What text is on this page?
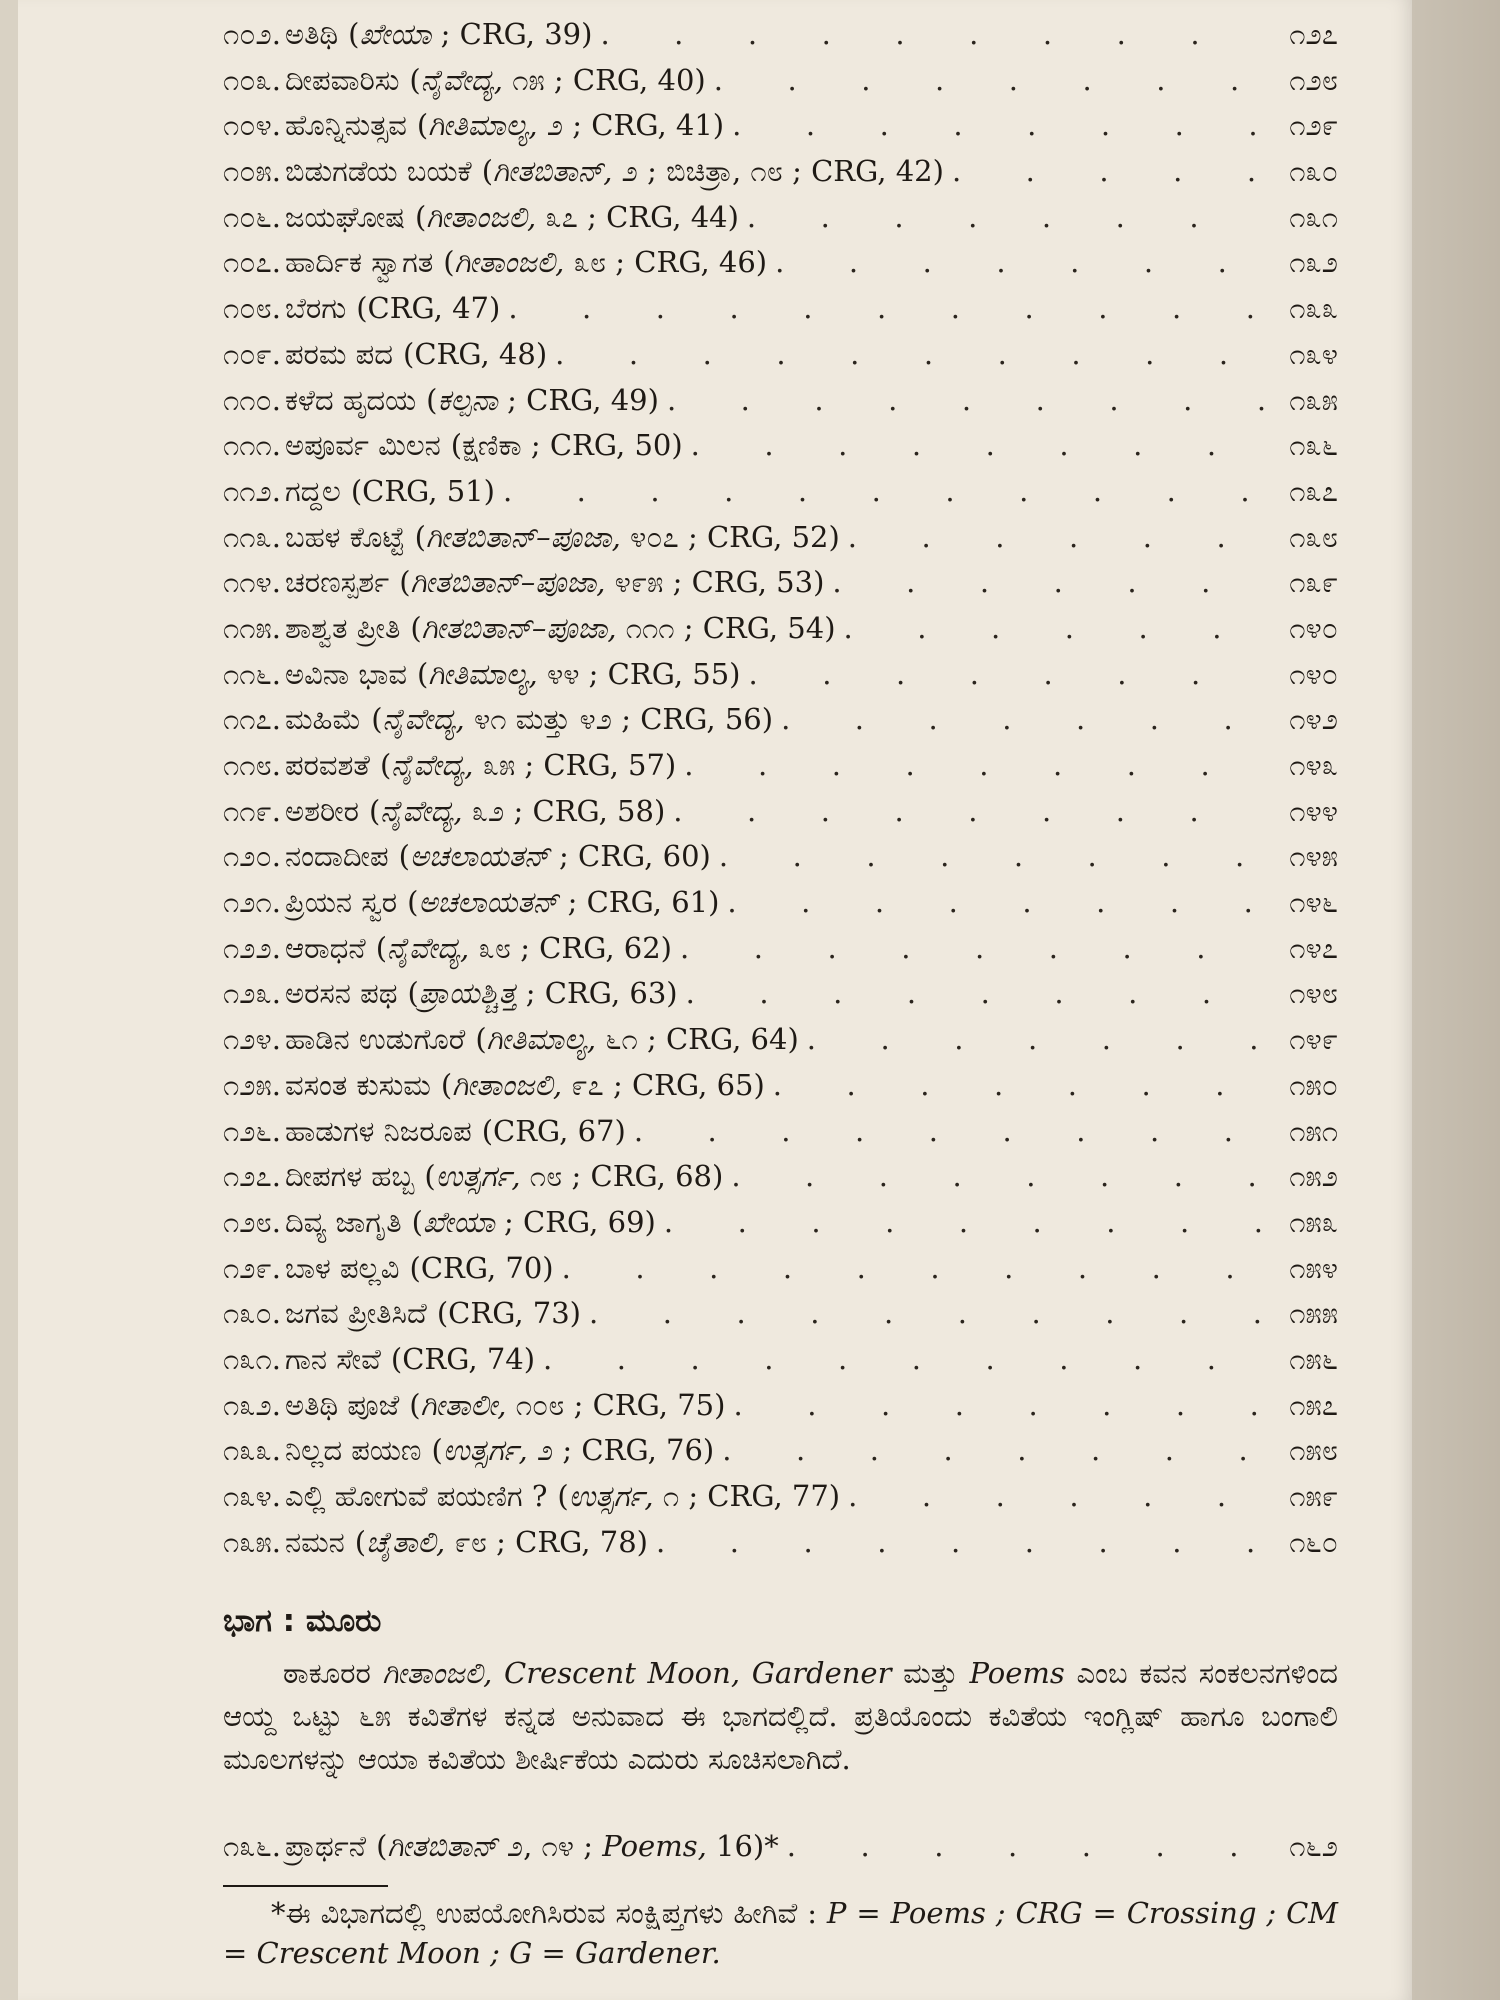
೧೦೨. ಅತಿಥಿ (ಖೇಯಾ ; CRG, 39) .	೧೨೭
೧೦೩. ದೀಪವಾರಿಸು (ನೈವೇದ್ಯ, ೧೫ ; CRG, 40) .	೧೨೮
೧೦೪. ಹೊನ್ನಿನುತ್ಸವ (ಗೀತಿಮಾಲ್ಯ, ೨ ; CRG, 41) .	೧೨೯
೧೦೫. ಬಿಡುಗಡೆಯ ಬಯಕೆ (ಗೀತಬಿತಾನ್, ೨ ; ಬಿಚಿತ್ರಾ, ೧೮ ; CRG, 42) .	೧೩೦
೧೦೬. ಜಯಘೋಷ (ಗೀತಾಂಜಲಿ, ೩೭ ; CRG, 44) .	೧೩೧
೧೦೭. ಹಾರ್ದಿಕ ಸ್ವಾಗತ (ಗೀತಾಂಜಲಿ, ೩೮ ; CRG, 46) .	೧೩೨
೧೦೮. ಬೆರಗು (CRG, 47) .	೧೩೩
೧೦೯. ಪರಮ ಪದ (CRG, 48) .	೧೩೪
೧೧೦. ಕಳೆದ ಹೃದಯ (ಕಲ್ಪನಾ ; CRG, 49) .	೧೩೫
೧೧೧. ಅಪೂರ್ವ ಮಿಲನ (ಕ್ಷಣಿಕಾ ; CRG, 50) .	೧೩೬
೧೧೨. ಗದ್ದಲ (CRG, 51) .	೧೩೭
೧೧೩. ಬಹಳ ಕೊಟ್ಟೆ (ಗೀತಬಿತಾನ್–ಪೂಜಾ, ೪೦೭ ; CRG, 52) .	೧೩೮
೧೧೪. ಚರಣಸ್ಪರ್ಶ (ಗೀತಬಿತಾನ್–ಪೂಜಾ, ೪೯೫ ; CRG, 53) .	೧೩೯
೧೧೫. ಶಾಶ್ವತ ಪ್ರೀತಿ (ಗೀತಬಿತಾನ್–ಪೂಜಾ, ೧೧೧ ; CRG, 54) .	೧೪೦
೧೧೬. ಅವಿನಾ ಭಾವ (ಗೀತಿಮಾಲ್ಯ, ೪೪ ; CRG, 55) .	೧೪೦
೧೧೭. ಮಹಿಮೆ (ನೈವೇದ್ಯ, ೪೧ ಮತ್ತು ೪೨ ; CRG, 56) .	೧೪೨
೧೧೮. ಪರವಶತೆ (ನೈವೇದ್ಯ, ೩೫ ; CRG, 57) .	೧೪೩
೧೧೯. ಅಶರೀರ (ನೈವೇದ್ಯ, ೩೨ ; CRG, 58) .	೧೪೪
೧೨೦. ನಂದಾದೀಪ (ಅಚಲಾಯತನ್ ; CRG, 60) .	೧೪೫
೧೨೧. ಪ್ರಿಯನ ಸ್ವರ (ಅಚಲಾಯತನ್ ; CRG, 61) .	೧೪೬
೧೨೨. ಆರಾಧನೆ (ನೈವೇದ್ಯ, ೩೮ ; CRG, 62) .	೧೪೭
೧೨೩. ಅರಸನ ಪಥ (ಪ್ರಾಯಶ್ಚಿತ್ತ ; CRG, 63) .	೧೪೮
೧೨೪. ಹಾಡಿನ ಉಡುಗೊರೆ (ಗೀತಿಮಾಲ್ಯ, ೬೧ ; CRG, 64) .	೧೪೯
೧೨೫. ವಸಂತ ಕುಸುಮ (ಗೀತಾಂಜಲಿ, ೯೭ ; CRG, 65) .	೧೫೦
೧೨೬. ಹಾಡುಗಳ ನಿಜರೂಪ (CRG, 67) .	೧೫೧
೧೨೭. ದೀಪಗಳ ಹಬ್ಬ (ಉತ್ಸರ್ಗ, ೧೮ ; CRG, 68) .	೧೫೨
೧೨೮. ದಿವ್ಯ ಜಾಗೃತಿ (ಖೇಯಾ ; CRG, 69) .	೧೫೩
೧೨೯. ಬಾಳ ಪಲ್ಲವಿ (CRG, 70) .	೧೫೪
೧೩೦. ಜಗವ ಪ್ರೀತಿಸಿದೆ (CRG, 73) .	೧೫೫
೧೩೧. ಗಾನ ಸೇವೆ (CRG, 74) .	೧೫೬
೧೩೨. ಅತಿಥಿ ಪೂಜೆ (ಗೀತಾಲೀ, ೧೦೮ ; CRG, 75) .	೧೫೭
೧೩೩. ನಿಲ್ಲದ ಪಯಣ (ಉತ್ಸರ್ಗ, ೨ ; CRG, 76) .	೧೫೮
೧೩೪. ಎಲ್ಲಿ ಹೋಗುವೆ ಪಯಣಿಗ ? (ಉತ್ಸರ್ಗ, ೧ ; CRG, 77) .	೧೫೯
೧೩೫. ನಮನ (ಚೈತಾಲಿ, ೯೮ ; CRG, 78) .	೧೬೦
ಭಾಗ : ಮೂರು

ಠಾಕೂರರ ಗೀತಾಂಜಲಿ, Crescent Moon, Gardener ಮತ್ತು Poems ಎಂಬ ಕವನ ಸಂಕಲನಗಳಿಂದ ಆಯ್ದ ಒಟ್ಟು ೬೫ ಕವಿತೆಗಳ ಕನ್ನಡ ಅನುವಾದ ಈ ಭಾಗದಲ್ಲಿದೆ. ಪ್ರತಿಯೊಂದು ಕವಿತೆಯ ಇಂಗ್ಲಿಷ್ ಹಾಗೂ ಬಂಗಾಲಿ ಮೂಲಗಳನ್ನು ಆಯಾ ಕವಿತೆಯ ಶೀರ್ಷಿಕೆಯ ಎದುರು ಸೂಚಿಸಲಾಗಿದೆ.

೧೩೬. ಪ್ರಾರ್ಥನೆ (ಗೀತಬಿತಾನ್ ೨, ೧೪ ; Poems, 16)* .	೧೬೨
*ಈ ವಿಭಾಗದಲ್ಲಿ ಉಪಯೋಗಿಸಿರುವ ಸಂಕ್ಷಿಪ್ತಗಳು ಹೀಗಿವೆ : P = Poems ; CRG = Crossing ; CM = Crescent Moon ; G = Gardener.
